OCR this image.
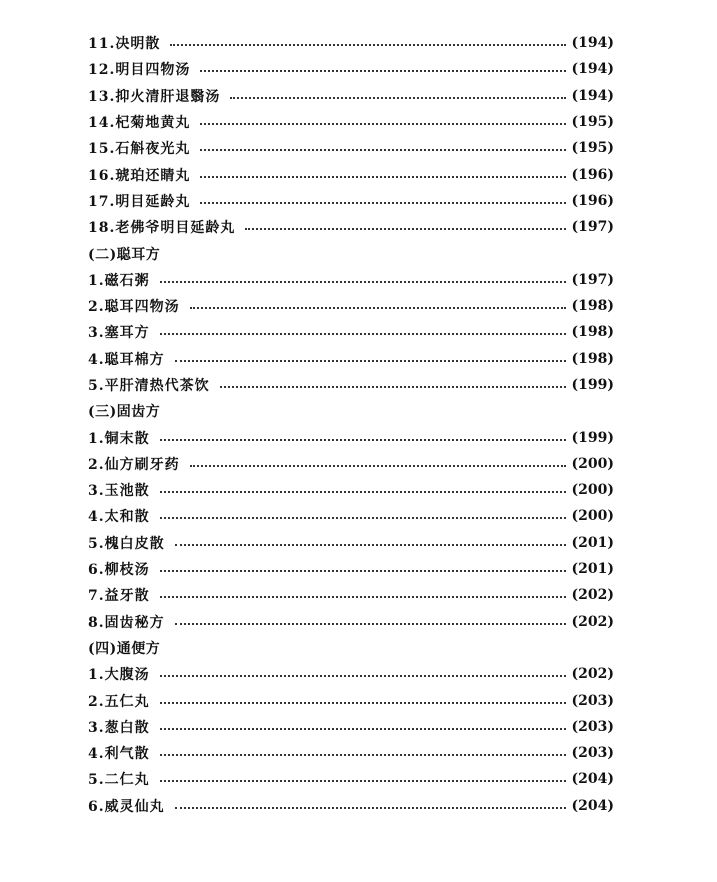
11.决明散	(194)
12.明目四物汤	(194)
13.抑火清肝退翳汤	(194)
14.杞菊地黄丸	(195)
15.石斛夜光丸	(195)
16.琥珀还睛丸	(196)
17.明目延龄丸	(196)
18.老佛爷明目延龄丸	(197)
(二)聪耳方
1.磁石粥	(197)
2.聪耳四物汤	(198)
3.塞耳方	(198)
4.聪耳棉方	(198)
5.平肝清热代茶饮	(199)
(三)固齿方
1.铜末散	(199)
2.仙方刷牙药	(200)
3.玉池散	(200)
4.太和散	(200)
5.槐白皮散	(201)
6.柳枝汤	(201)
7.益牙散	(202)
8.固齿秘方	(202)
(四)通便方
1.大腹汤	(202)
2.五仁丸	(203)
3.葱白散	(203)
4.利气散	(203)
5.二仁丸	(204)
6.威灵仙丸	(204)
